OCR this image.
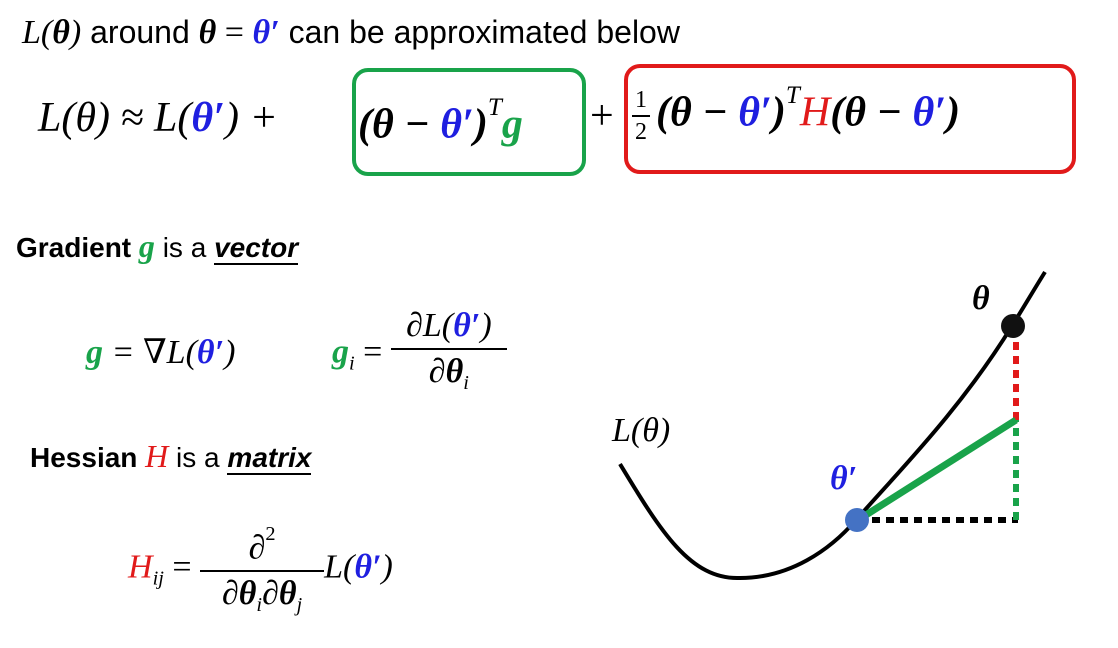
L(θ) around θ = θ′ can be approximated below
$L(\theta) \approx L(\theta') + (\theta - \theta')^Tg + \frac{1}{2} (\theta - \theta')^TH(\theta - \theta')$
Gradient g is a vector
g = ∇L(θ′)	$g_i = \frac{\partial L(\theta')}{\partial\theta_i}$
Hessian H is a matrix
$H_{ij} = \frac{\partial^2}{\partial\theta_i\partial\theta_j} L(\theta')$
L(θ)
θ
θ′
